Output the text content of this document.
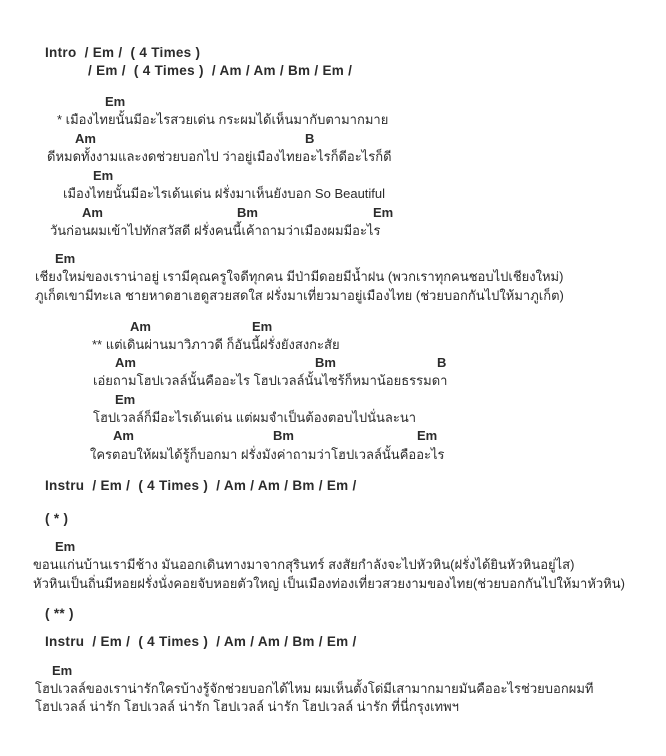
Intro  / Em /  ( 4 Times )
/ Em /  ( 4 Times )  / Am / Am / Bm / Em /
Em
* เมืองไทยนั้นมีอะไรสวยเด่น กระผมได้เห็นมากับตามากมาย
Am	B
ดีหมดทั้งงามและงดช่วยบอกไป ว่าอยู่เมืองไทยอะไรก็ดีอะไรก็ดี
Em
เมืองไทยนั้นมีอะไรเด้นเด่น ฝรั่งมาเห็นยังบอก So Beautiful
Am	Bm	Em
วันก่อนผมเข้าไปทักสวัสดี ฝรั่งคนนี้เค้าถามว่าเมืองผมมีอะไร
Em
เชียงใหม่ของเราน่าอยู่ เรามีคุณครูใจดีทุกคน มีป่ามีดอยมีน้ำฝน (พวกเราทุกคนชอบไปเชียงใหม่)
ภูเก็ตเขามีทะเล ชายหาดฮาเฮดูสวยสดใส ฝรั่งมาเที่ยวมาอยู่เมืองไทย (ช่วยบอกกันไปให้มาภูเก็ต)
Am	Em
** แต่เดินผ่านมาวิภาวดี ก็อันนี้ฝรั่งยังสงกะสัย
Am	Bm	B
เอ่ยถามโฮปเวลล์นั้นคืออะไร โฮปเวลล์นั้นไซร้ก็หมาน้อยธรรมดา
Em
โฮปเวลล์ก็มีอะไรเด้นเด่น แต่ผมจำเป็นต้องตอบไปนั่นละนา
Am	Bm	Em
ใครตอบให้ผมได้รู้ก็บอกมา ฝรั่งมังค่าถามว่าโฮปเวลล์นั้นคืออะไร
Instru  / Em /  ( 4 Times )  / Am / Am / Bm / Em /
( * )
Em
ขอนแก่นบ้านเรามีช้าง มันออกเดินทางมาจากสุรินทร์ สงสัยกำลังจะไปหัวหิน(ฝรั่งได้ยินหัวหินอยู่ไส)
หัวหินเป็นถิ่นมีหอยฝรั่งนั่งคอยจับหอยตัวใหญ่ เป็นเมืองท่องเที่ยวสวยงามของไทย(ช่วยบอกกันไปให้มาหัวหิน)
( ** )
Instru  / Em /  ( 4 Times )  / Am / Am / Bm / Em /
Em
โฮปเวลล์ของเราน่ารักใครบ้างรู้จักช่วยบอกได้ไหม ผมเห็นตั้งโด่มีเสามากมายมันคืออะไรช่วยบอกผมที
โฮปเวลล์ น่ารัก โฮปเวลล์ น่ารัก โฮปเวลล์ น่ารัก โฮปเวลล์ น่ารัก ที่นี่กรุงเทพฯ
